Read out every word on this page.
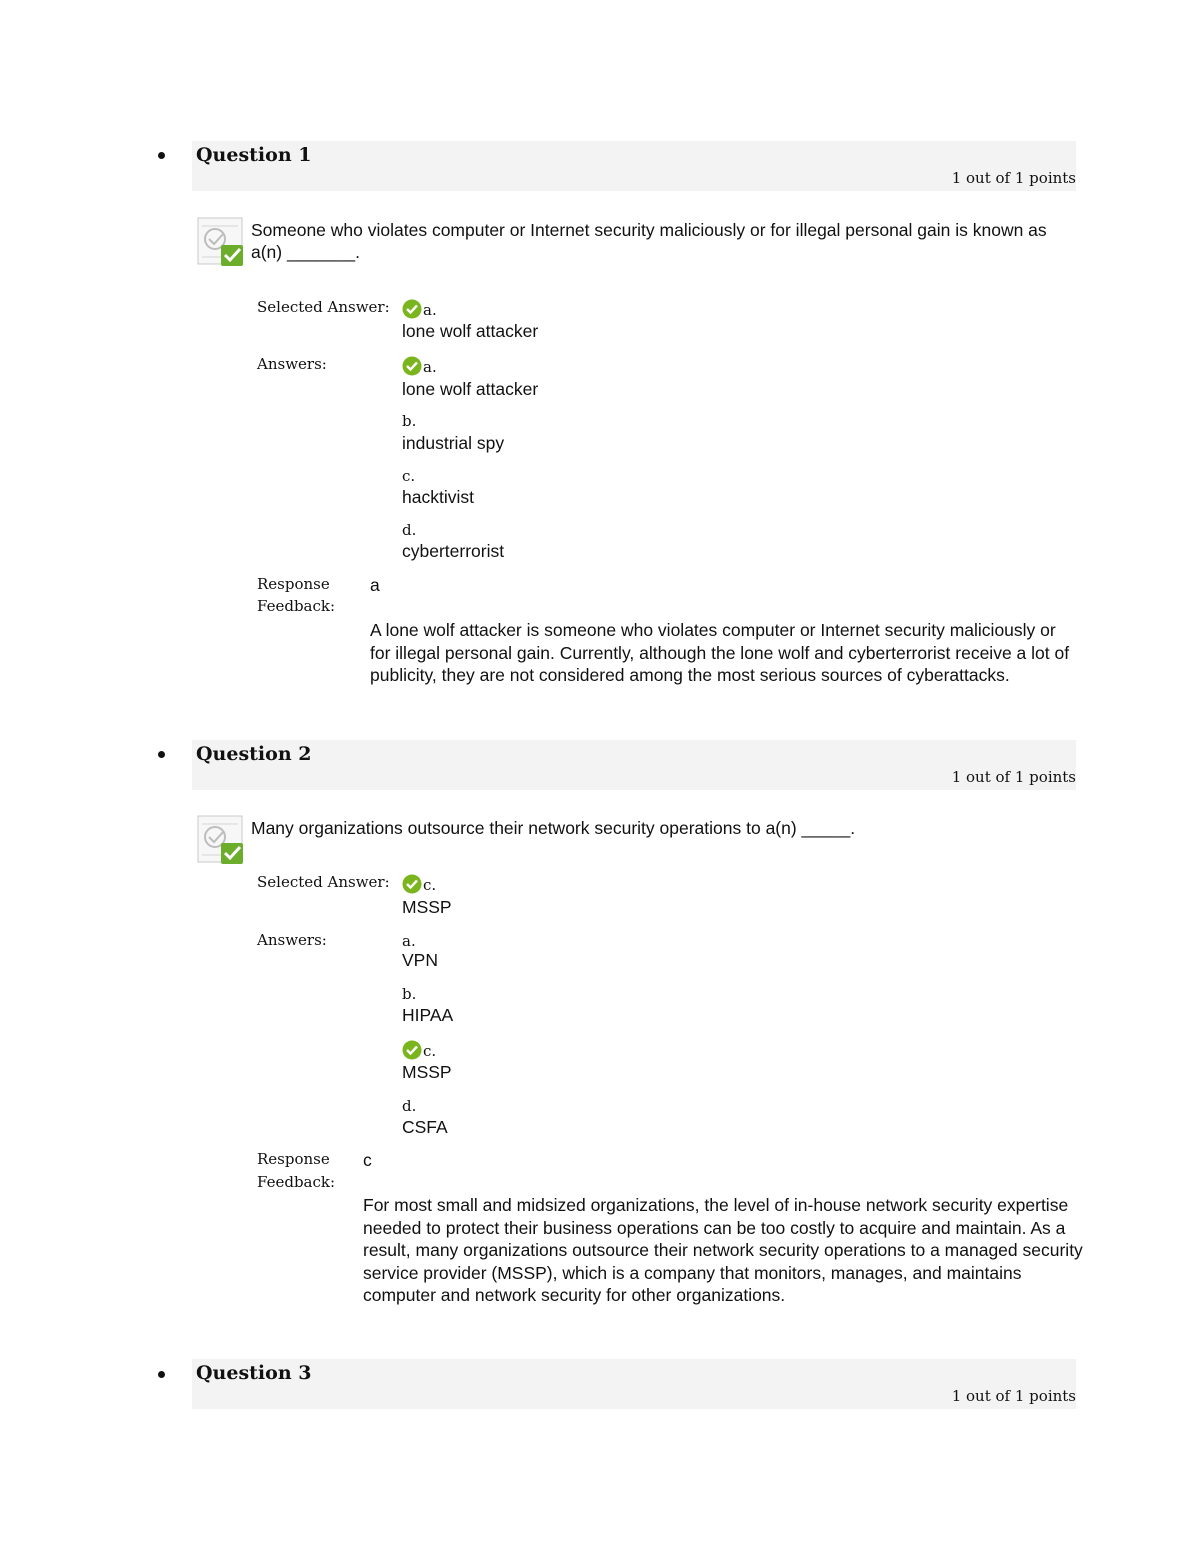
Question 1
1 out of 1 points
Someone who violates computer or Internet security maliciously or for illegal personal gain is known as a(n) _______.
Selected Answer:	a.
lone wolf attacker
Answers:	a.
lone wolf attacker
b.
industrial spy
c.
hacktivist
d.
cyberterrorist
Response
Feedback:
a
A lone wolf attacker is someone who violates computer or Internet security maliciously or for illegal personal gain. Currently, although the lone wolf and cyberterrorist receive a lot of publicity, they are not considered among the most serious sources of cyberattacks.
Question 2
1 out of 1 points
Many organizations outsource their network security operations to a(n) _____.
Selected Answer:	c.
MSSP
Answers:	a.
VPN
b.
HIPAA
c.
MSSP
d.
CSFA
Response
Feedback:
c
For most small and midsized organizations, the level of in-house network security expertise needed to protect their business operations can be too costly to acquire and maintain. As a result, many organizations outsource their network security operations to a managed security service provider (MSSP), which is a company that monitors, manages, and maintains computer and network security for other organizations.
Question 3
1 out of 1 points
